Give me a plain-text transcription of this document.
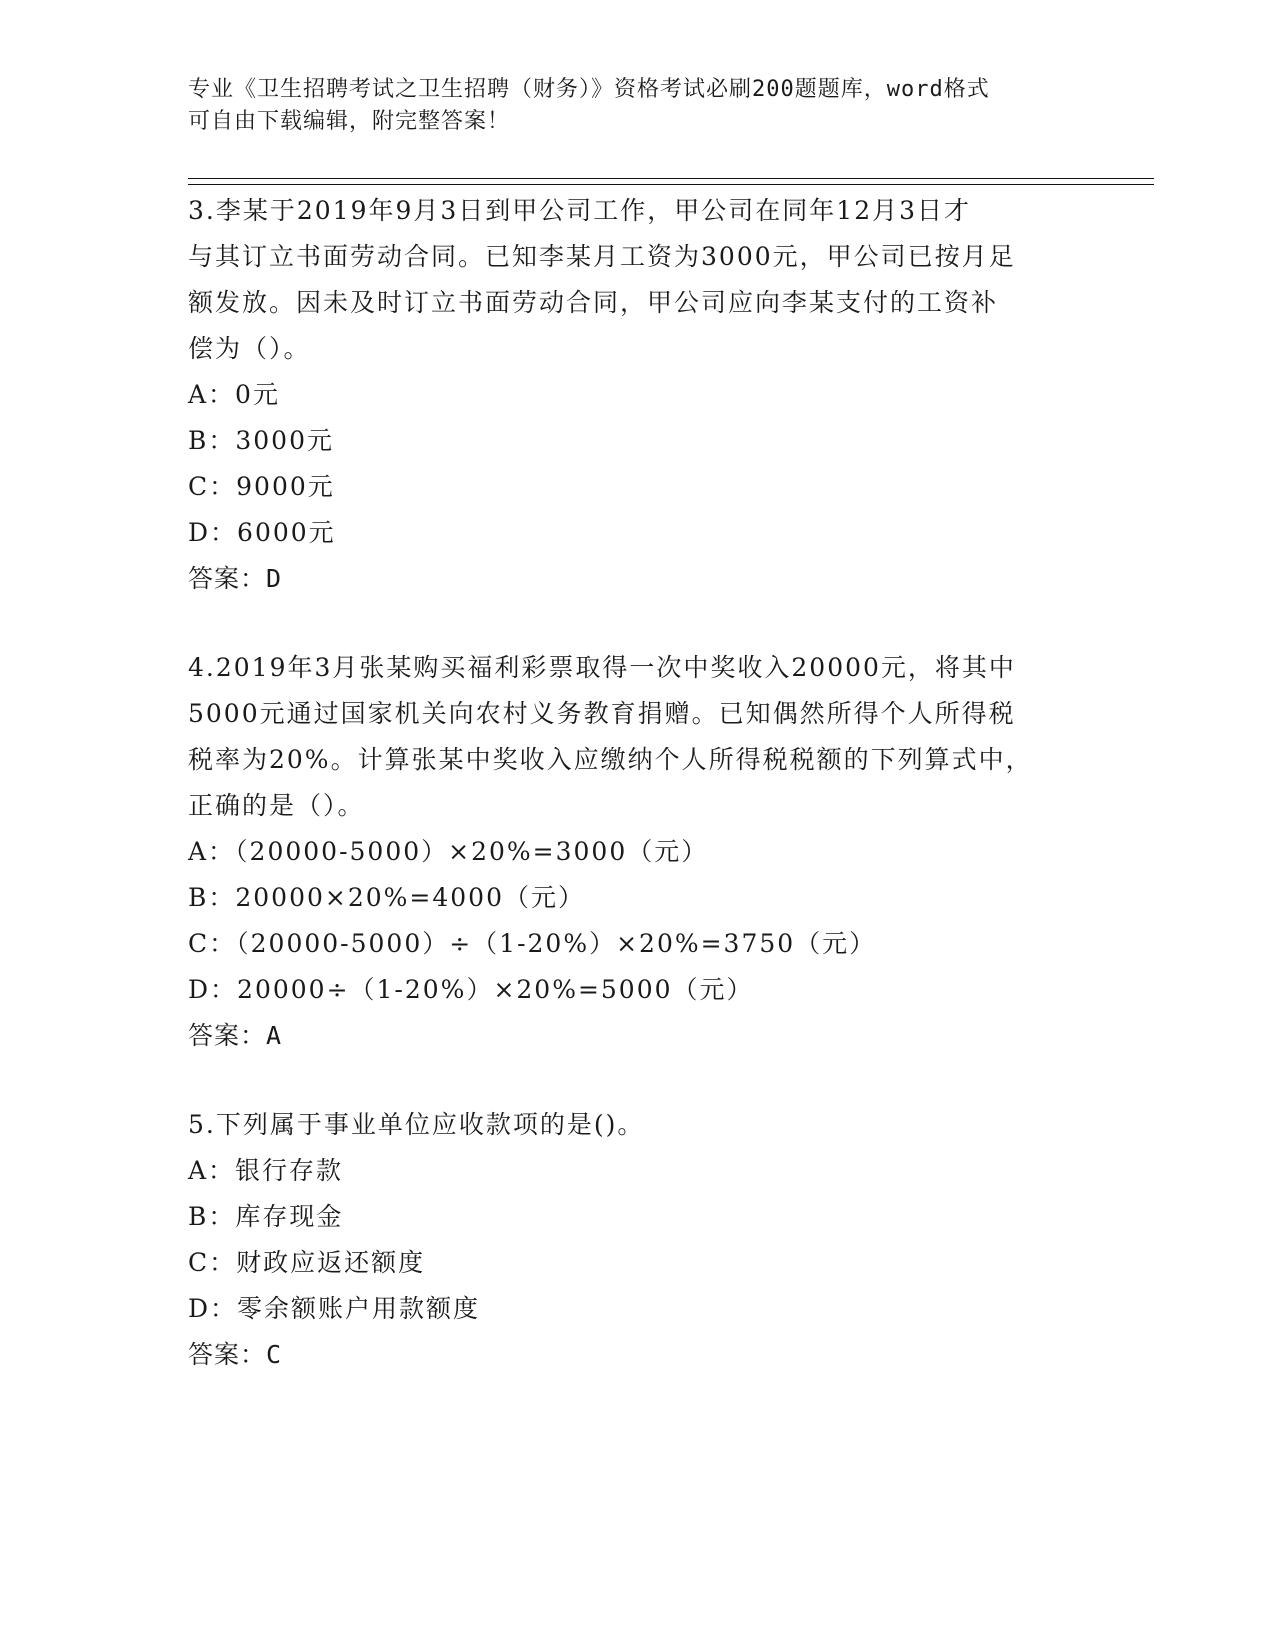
专业《卫生招聘考试之卫生招聘（财务）》资格考试必刷200题题库，word格式
可自由下载编辑，附完整答案！

3.李某于2019年9月3日到甲公司工作，甲公司在同年12月3日才

与其订立书面劳动合同。已知李某月工资为3000元，甲公司已按月足

额发放。因未及时订立书面劳动合同，甲公司应向李某支付的工资补

偿为（）。

A：0元

B：3000元

C：9000元

D：6000元

答案：D

4.2019年3月张某购买福利彩票取得一次中奖收入20000元，将其中

5000元通过国家机关向农村义务教育捐赠。已知偶然所得个人所得税

税率为20%。计算张某中奖收入应缴纳个人所得税税额的下列算式中，

正确的是（）。

A：（20000-5000）×20%=3000（元）

B：20000×20%=4000（元）

C：（20000-5000）÷（1-20%）×20%=3750（元）

D：20000÷（1-20%）×20%=5000（元）

答案：A

5.下列属于事业单位应收款项的是()。

A：银行存款

B：库存现金

C：财政应返还额度

D：零余额账户用款额度

答案：C
